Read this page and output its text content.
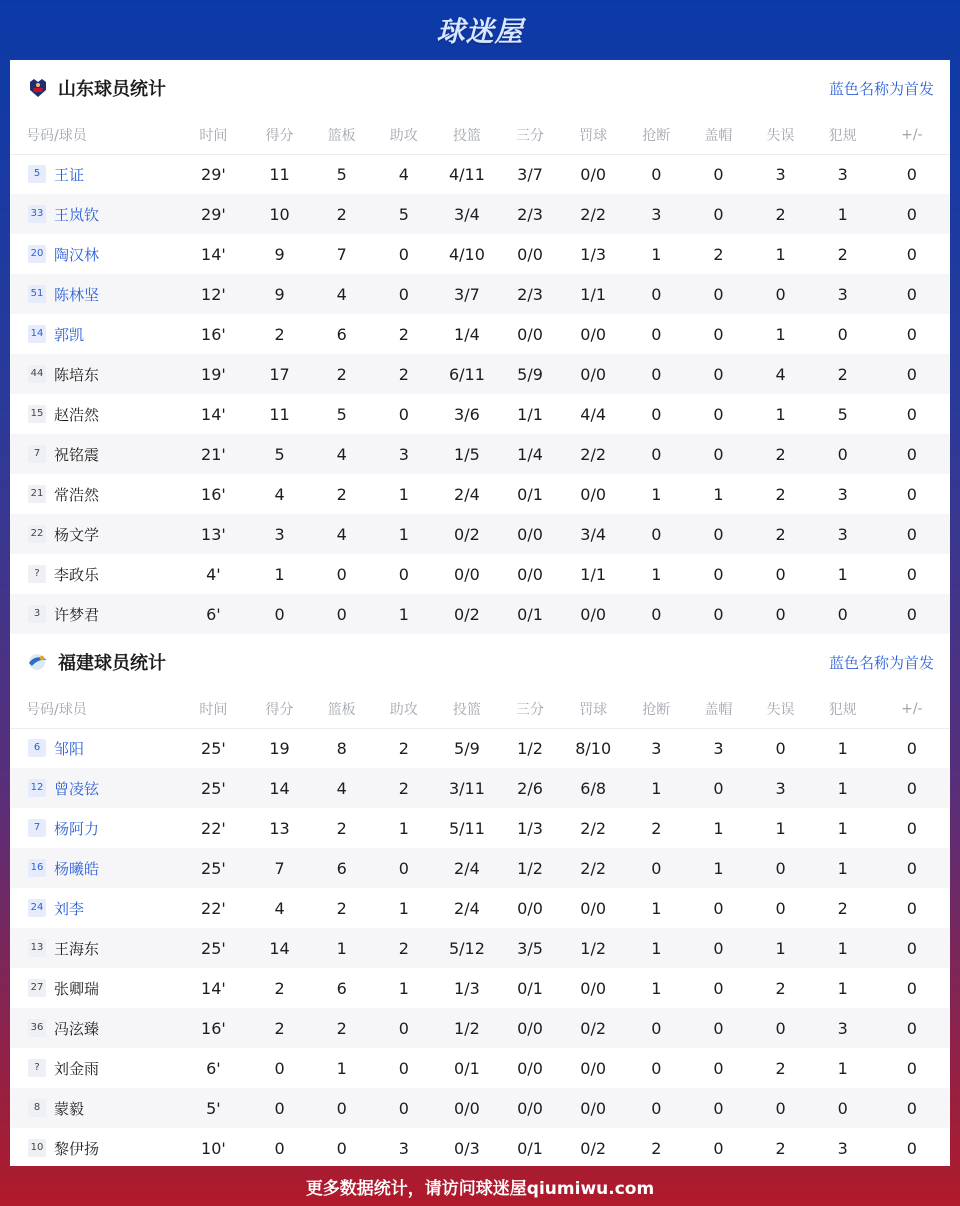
球迷屋
山东球员统计	蓝色名称为首发
号码/球员	时间	得分	篮板	助攻	投篮	三分	罚球	抢断	盖帽	失误	犯规	+/-
5 王证	29'	11	5	4	4/11	3/7	0/0	0	0	3	3	0
33 王岚钦	29'	10	2	5	3/4	2/3	2/2	3	0	2	1	0
20 陶汉林	14'	9	7	0	4/10	0/0	1/3	1	2	1	2	0
51 陈林坚	12'	9	4	0	3/7	2/3	1/1	0	0	0	3	0
14 郭凯	16'	2	6	2	1/4	0/0	0/0	0	0	1	0	0
44 陈培东	19'	17	2	2	6/11	5/9	0/0	0	0	4	2	0
15 赵浩然	14'	11	5	0	3/6	1/1	4/4	0	0	1	5	0
7 祝铭震	21'	5	4	3	1/5	1/4	2/2	0	0	2	0	0
21 常浩然	16'	4	2	1	2/4	0/1	0/0	1	1	2	3	0
22 杨文学	13'	3	4	1	0/2	0/0	3/4	0	0	2	3	0
? 李政乐	4'	1	0	0	0/0	0/0	1/1	1	0	0	1	0
3 许梦君	6'	0	0	1	0/2	0/1	0/0	0	0	0	0	0
福建球员统计	蓝色名称为首发
号码/球员	时间	得分	篮板	助攻	投篮	三分	罚球	抢断	盖帽	失误	犯规	+/-
6 邹阳	25'	19	8	2	5/9	1/2	8/10	3	3	0	1	0
12 曾凌铉	25'	14	4	2	3/11	2/6	6/8	1	0	3	1	0
7 杨阿力	22'	13	2	1	5/11	1/3	2/2	2	1	1	1	0
16 杨曦皓	25'	7	6	0	2/4	1/2	2/2	0	1	0	1	0
24 刘李	22'	4	2	1	2/4	0/0	0/0	1	0	0	2	0
13 王海东	25'	14	1	2	5/12	3/5	1/2	1	0	1	1	0
27 张卿瑞	14'	2	6	1	1/3	0/1	0/0	1	0	2	1	0
36 冯泫臻	16'	2	2	0	1/2	0/0	0/2	0	0	0	3	0
? 刘金雨	6'	0	1	0	0/1	0/0	0/0	0	0	2	1	0
8 蒙毅	5'	0	0	0	0/0	0/0	0/0	0	0	0	0	0
10 黎伊扬	10'	0	0	3	0/3	0/1	0/2	2	0	2	3	0
更多数据统计，请访问球迷屋qiumiwu.com
